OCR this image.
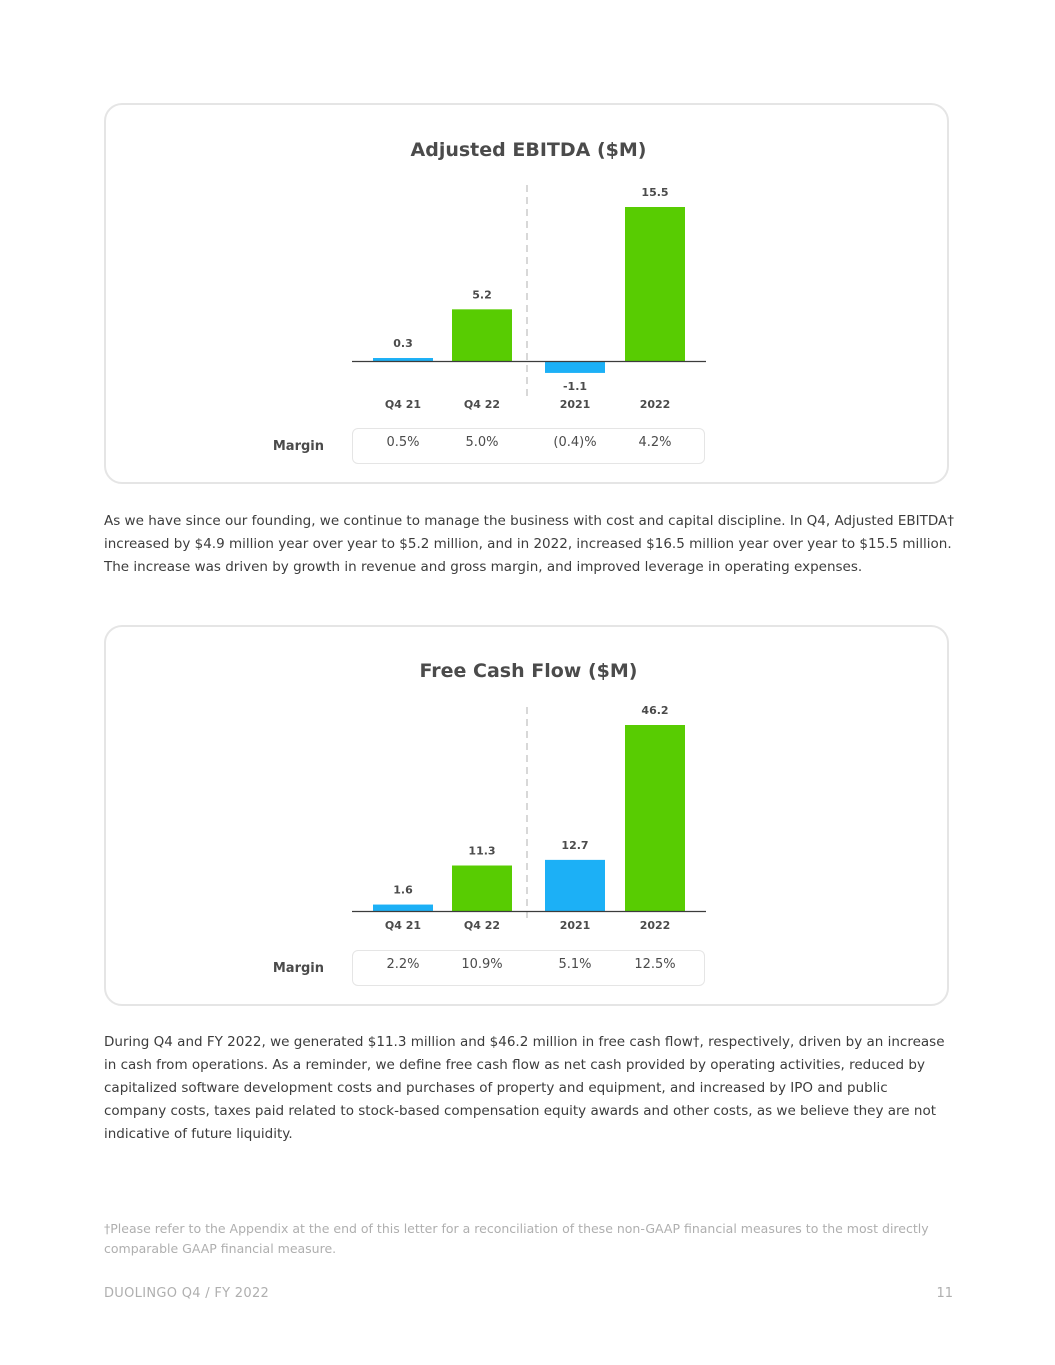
0.3
Q4 21
5.2
Q4 22
-1.1
2021
15.5
2022
Adjusted EBITDA ($M)
Margin	0.5%	5.0%	(0.4)%	4.2%

As we have since our founding, we continue to manage the business with cost and capital discipline. In Q4, Adjusted EBITDA† increased by $4.9 million year over year to $5.2 million, and in 2022, increased $16.5 million year over year to $15.5 million. The increase was driven by growth in revenue and gross margin, and improved leverage in operating expenses.

1.6
Q4 21
11.3
Q4 22
12.7
2021
46.2
2022
Free Cash Flow ($M)
Margin	2.2%	10.9%	5.1%	12.5%

During Q4 and FY 2022, we generated $11.3 million and $46.2 million in free cash flow†, respectively, driven by an increase in cash from operations. As a reminder, we define free cash flow as net cash provided by operating activities, reduced by capitalized software development costs and purchases of property and equipment, and increased by IPO and public company costs, taxes paid related to stock-based compensation equity awards and other costs, as we believe they are not indicative of future liquidity.

†Please refer to the Appendix at the end of this letter for a reconciliation of these non-GAAP financial measures to the most directly comparable GAAP financial measure.

DUOLINGO Q4 / FY 2022	11
